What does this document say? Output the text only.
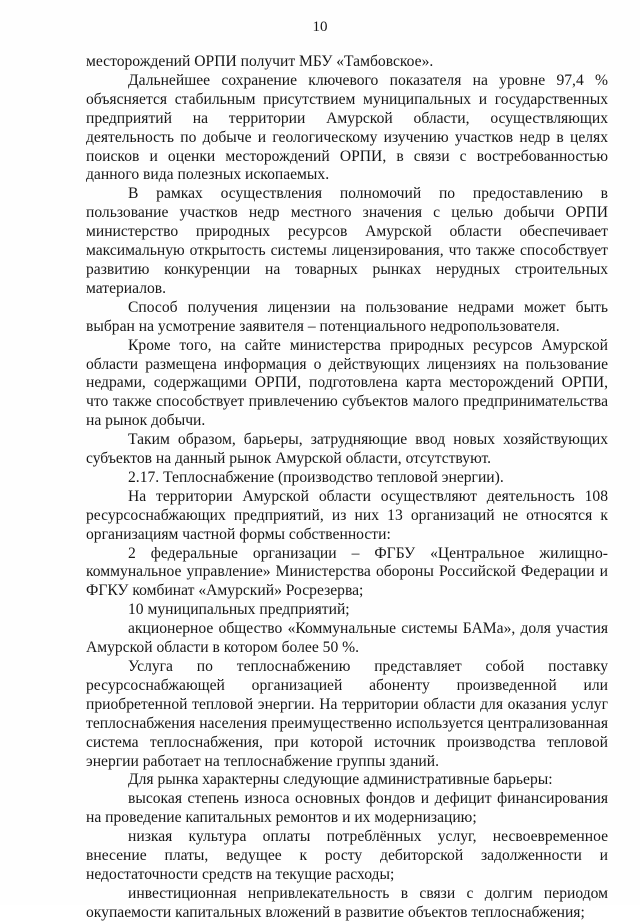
10

месторождений ОРПИ получит МБУ «Тамбовское».

Дальнейшее сохранение ключевого показателя на уровне 97,4 % объясняется стабильным присутствием муниципальных и государственных предприятий на территории Амурской области, осуществляющих деятельность по добыче и геологическому изучению участков недр в целях поисков и оценки месторождений ОРПИ, в связи с востребованностью данного вида полезных ископаемых.

В рамках осуществления полномочий по предоставлению в пользование участков недр местного значения с целью добычи ОРПИ министерство природных ресурсов Амурской области обеспечивает максимальную открытость системы лицензирования, что также способствует развитию конкуренции на товарных рынках нерудных строительных материалов.

Способ получения лицензии на пользование недрами может быть выбран на усмотрение заявителя – потенциального недропользователя.

Кроме того, на сайте министерства природных ресурсов Амурской области размещена информация о действующих лицензиях на пользование недрами, содержащими ОРПИ, подготовлена карта месторождений ОРПИ, что также способствует привлечению субъектов малого предпринимательства на рынок добычи.

Таким образом, барьеры, затрудняющие ввод новых хозяйствующих субъектов на данный рынок Амурской области, отсутствуют.

2.17. Теплоснабжение (производство тепловой энергии).

На территории Амурской области осуществляют деятельность 108 ресурсоснабжающих предприятий, из них 13 организаций не относятся к организациям частной формы собственности:

2 федеральные организации – ФГБУ «Центральное жилищно-коммунальное управление» Министерства обороны Российской Федерации и ФГКУ комбинат «Амурский» Росрезерва;

10 муниципальных предприятий;

акционерное общество «Коммунальные системы БАМа», доля участия Амурской области в котором более 50 %.

Услуга по теплоснабжению представляет собой поставку ресурсоснабжающей организацией абоненту произведенной или приобретенной тепловой энергии. На территории области для оказания услуг теплоснабжения населения преимущественно используется централизованная система теплоснабжения, при которой источник производства тепловой энергии работает на теплоснабжение группы зданий.

Для рынка характерны следующие административные барьеры:

высокая степень износа основных фондов и дефицит финансирования на проведение капитальных ремонтов и их модернизацию;

низкая культура оплаты потреблённых услуг, несвоевременное внесение платы, ведущее к росту дебиторской задолженности и недостаточности средств на текущие расходы;

инвестиционная непривлекательность в связи с долгим периодом окупаемости капитальных вложений в развитие объектов теплоснабжения;
